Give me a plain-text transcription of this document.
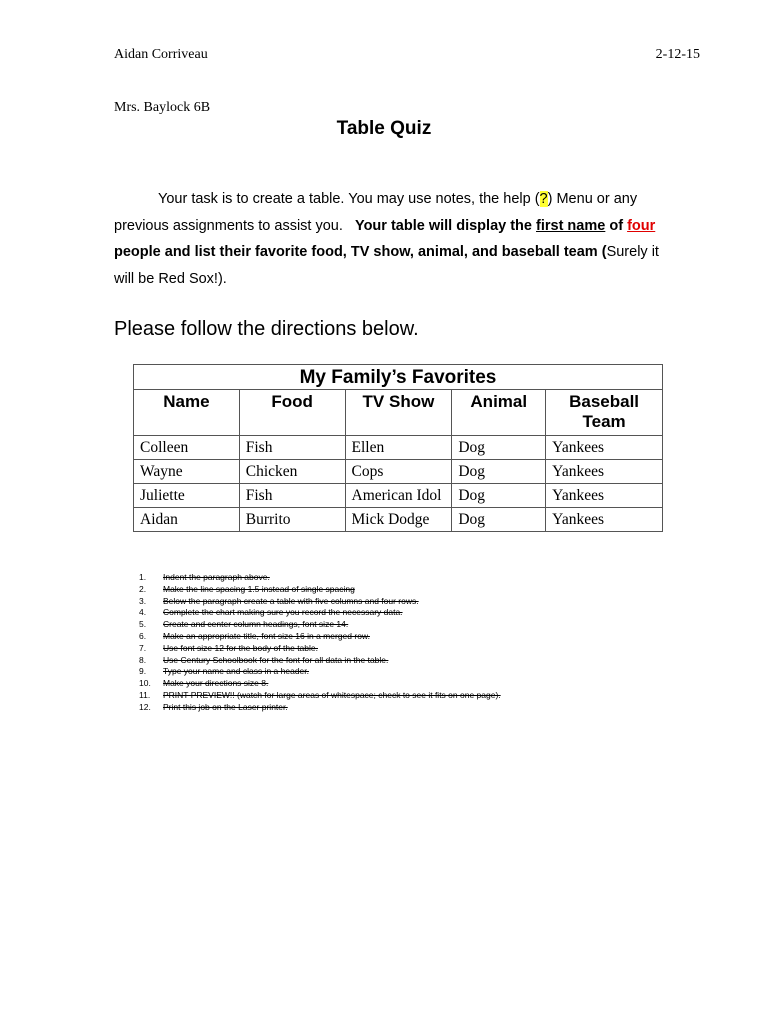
Aidan Corriveau	2-12-15
Mrs. Baylock 6B
Table Quiz
Your task is to create a table. You may use notes, the help (?) Menu or any previous assignments to assist you. Your table will display the first name of four people and list their favorite food, TV show, animal, and baseball team (Surely it will be Red Sox!).
Please follow the directions below.
My Family’s Favorites				
Name	Food	TV Show	Animal	Baseball Team
Colleen	Fish	Ellen	Dog	Yankees
Wayne	Chicken	Cops	Dog	Yankees
Juliette	Fish	American Idol	Dog	Yankees
Aidan	Burrito	Mick Dodge	Dog	Yankees
1. Indent the paragraph above.
2. Make the line spacing 1.5 instead of single spacing
3. Below the paragraph create a table with five columns and four rows.
4. Complete the chart making sure you record the necessary data.
5. Create and center column headings, font size 14.
6. Make an appropriate title, font size 16 in a merged row.
7. Use font size 12 for the body of the table.
8. Use Century Schoolbook for the font for all data in the table.
9. Type your name and class in a header.
10. Make your directions size 8.
11. PRINT PREVIEW!! (watch for large areas of whitespace; check to see it fits on one page).
12. Print this job on the Laser printer.
